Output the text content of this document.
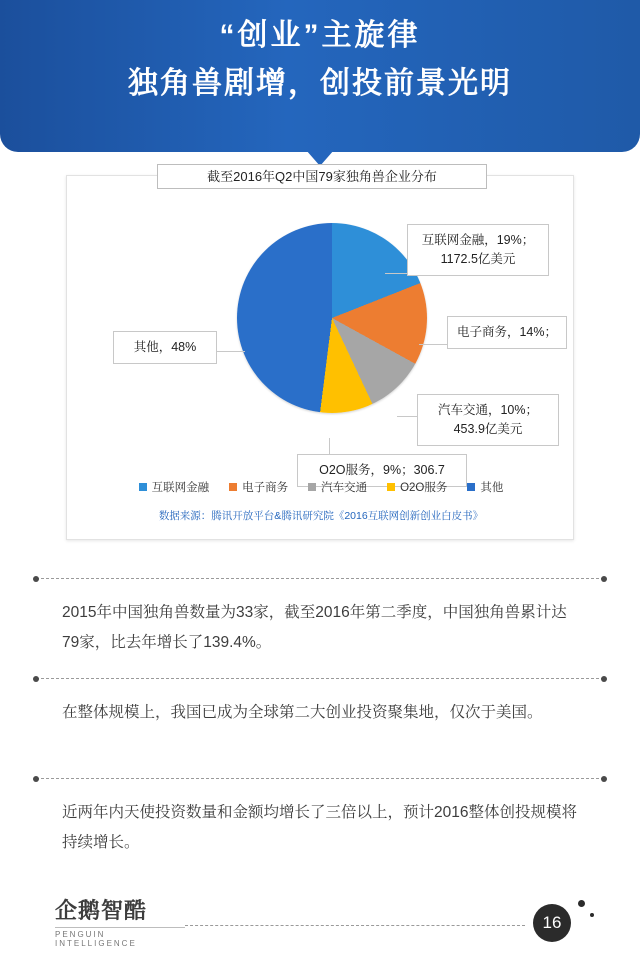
“创业”主旋律
独角兽剧增，创投前景光明
截至2016年Q2中国79家独角兽企业分布
互联网金融，19%；1172.5亿美元
电子商务，14%；
汽车交通，10%；453.9亿美元
O2O服务，9%；306.7
其他，48%
互联网金融	电子商务	汽车交通	O2O服务	其他
数据来源：腾讯开放平台&腾讯研究院《2016互联网创新创业白皮书》
2015年中国独角兽数量为33家，截至2016年第二季度，中国独角兽累计达79家，比去年增长了139.4%。
在整体规模上，我国已成为全球第二大创业投资聚集地，仅次于美国。
近两年内天使投资数量和金额均增长了三倍以上，预计2016整体创投规模将持续增长。
企鹅智酷
PENGUIN INTELLIGENCE
16
